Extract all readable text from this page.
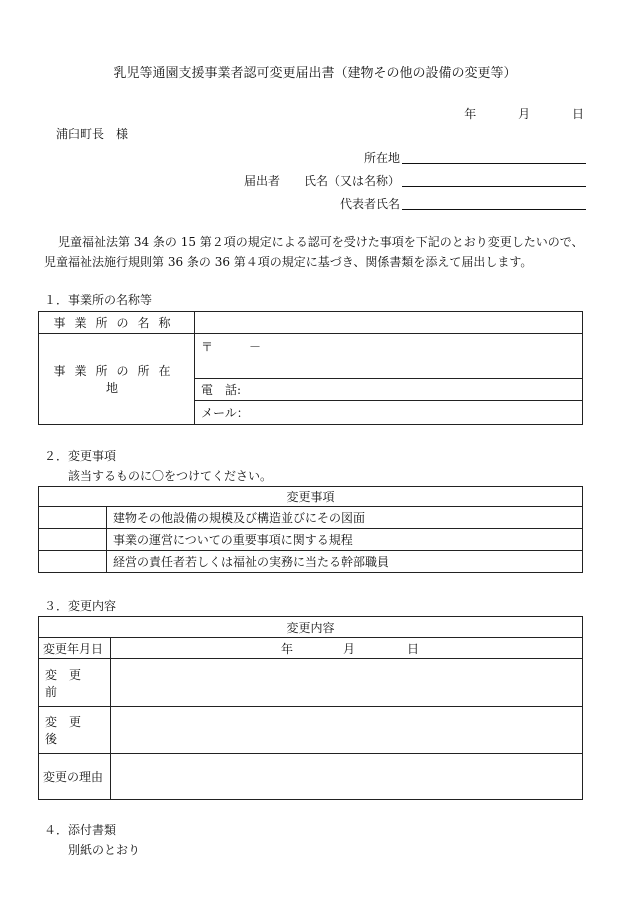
乳児等通園支援事業者認可変更届出書（建物その他の設備の変更等）
年	月	日
浦臼町長　様
所在地
届出者 氏名（又は名称）
代表者氏名
児童福祉法第 34 条の 15 第２項の規定による認可を受けた事項を下記のとおり変更したいので、
児童福祉法施行規則第 36 条の 36 第４項の規定に基づき、関係書類を添えて届出します。
１．事業所の名称等
事業所の名称	
事業所の所在地	〒　　　－
	電　話:
	メール：
２．変更事項
該当するものに〇をつけてください。
変更事項	
	建物その他設備の規模及び構造並びにその図面
	事業の運営についての重要事項に関する規程
	経営の責任者若しくは福祉の実務に当たる幹部職員
３．変更内容
変更内容	
変更年月日	年 月 日
変　更　前	
変　更　後	
変更の理由	
４．添付書類
別紙のとおり
